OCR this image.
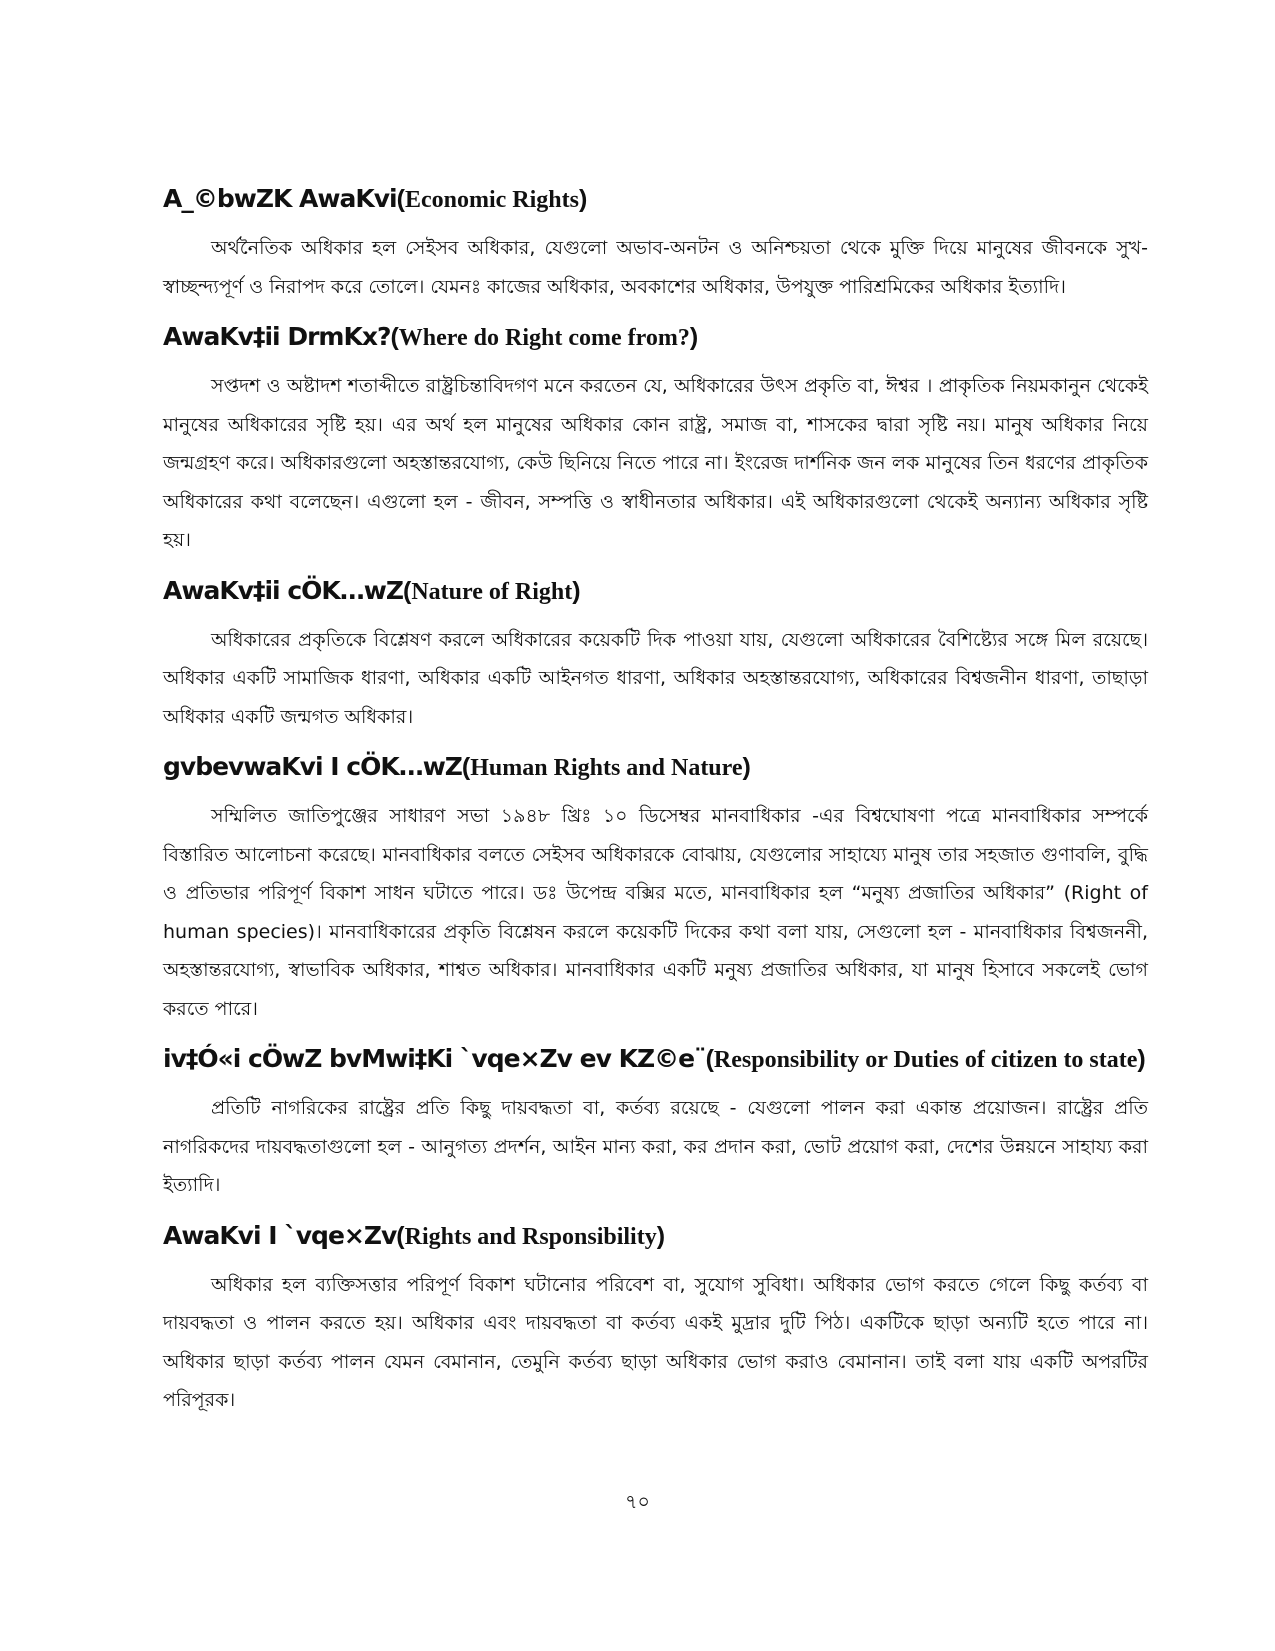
A_©bwZK AwaKvi(Economic Rights)

অর্থনৈতিক অধিকার হল সেইসব অধিকার, যেগুলো অভাব-অনটন ও অনিশ্চয়তা থেকে মুক্তি দিয়ে মানুষের জীবনকে সুখ-স্বাচ্ছন্দ্যপূর্ণ ও নিরাপদ করে তোলে। যেমনঃ কাজের অধিকার, অবকাশের অধিকার, উপযুক্ত পারিশ্রমিকের অধিকার ইত্যাদি।

AwaKv‡ii DrmKx?(Where do Right come from?)

সপ্তদশ ও অষ্টাদশ শতাব্দীতে রাষ্ট্রচিন্তাবিদগণ মনে করতেন যে, অধিকারের উৎস প্রকৃতি বা, ঈশ্বর । প্রাকৃতিক নিয়মকানুন থেকেই মানুষের অধিকারের সৃষ্টি হয়। এর অর্থ হল মানুষের অধিকার কোন রাষ্ট্র, সমাজ বা, শাসকের দ্বারা সৃষ্টি নয়। মানুষ অধিকার নিয়ে জন্মগ্রহণ করে। অধিকারগুলো অহস্তান্তরযোগ্য, কেউ ছিনিয়ে নিতে পারে না। ইংরেজ দার্শনিক জন লক মানুষের তিন ধরণের প্রাকৃতিক অধিকারের কথা বলেছেন। এগুলো হল - জীবন, সম্পত্তি ও স্বাধীনতার অধিকার। এই অধিকারগুলো থেকেই অন্যান্য অধিকার সৃষ্টি হয়।

AwaKv‡ii cÖK…wZ(Nature of Right)

অধিকারের প্রকৃতিকে বিশ্লেষণ করলে অধিকারের কয়েকটি দিক পাওয়া যায়, যেগুলো অধিকারের বৈশিষ্ট্যের সঙ্গে মিল রয়েছে। অধিকার একটি সামাজিক ধারণা, অধিকার একটি আইনগত ধারণা, অধিকার অহস্তান্তরযোগ্য, অধিকারের বিশ্বজনীন ধারণা, তাছাড়া অধিকার একটি জন্মগত অধিকার।

gvbevwaKvi I cÖK…wZ(Human Rights and Nature)

সম্মিলিত জাতিপুঞ্জের সাধারণ সভা ১৯৪৮ খ্রিঃ ১০ ডিসেম্বর মানবাধিকার -এর বিশ্বঘোষণা পত্রে মানবাধিকার সম্পর্কে বিস্তারিত আলোচনা করেছে। মানবাধিকার বলতে সেইসব অধিকারকে বোঝায়, যেগুলোর সাহায্যে মানুষ তার সহজাত গুণাবলি, বুদ্ধি ও প্রতিভার পরিপূর্ণ বিকাশ সাধন ঘটাতে পারে। ডঃ উপেন্দ্র বক্সির মতে, মানবাধিকার হল “মনুষ্য প্রজাতির অধিকার” (Right of human species)। মানবাধিকারের প্রকৃতি বিশ্লেষন করলে কয়েকটি দিকের কথা বলা যায়, সেগুলো হল - মানবাধিকার বিশ্বজননী, অহস্তান্তরযোগ্য, স্বাভাবিক অধিকার, শাশ্বত অধিকার। মানবাধিকার একটি মনুষ্য প্রজাতির অধিকার, যা মানুষ হিসাবে সকলেই ভোগ করতে পারে।

iv‡Ó«i cÖwZ bvMwi‡Ki `vqe×Zv ev KZ©e¨(Responsibility or Duties of citizen to state)

প্রতিটি নাগরিকের রাষ্ট্রের প্রতি কিছু দায়বদ্ধতা বা, কর্তব্য রয়েছে - যেগুলো পালন করা একান্ত প্রয়োজন। রাষ্ট্রের প্রতি নাগরিকদের দায়বদ্ধতাগুলো হল - আনুগত্য প্রদর্শন, আইন মান্য করা, কর প্রদান করা, ভোট প্রয়োগ করা, দেশের উন্নয়নে সাহায্য করা ইত্যাদি।

AwaKvi I `vqe×Zv(Rights and Rsponsibility)

অধিকার হল ব্যক্তিসত্তার পরিপূর্ণ বিকাশ ঘটানোর পরিবেশ বা, সুযোগ সুবিধা। অধিকার ভোগ করতে গেলে কিছু কর্তব্য বা দায়বদ্ধতা ও পালন করতে হয়। অধিকার এবং দায়বদ্ধতা বা কর্তব্য একই মুদ্রার দুটি পিঠ। একটিকে ছাড়া অন্যটি হতে পারে না। অধিকার ছাড়া কর্তব্য পালন যেমন বেমানান, তেমুনি কর্তব্য ছাড়া অধিকার ভোগ করাও বেমানান। তাই বলা যায় একটি অপরটির পরিপূরক।

৭০
